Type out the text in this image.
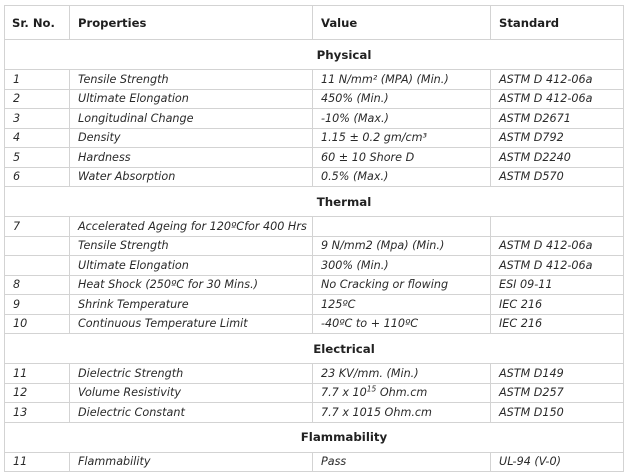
Sr. No.	Properties	Value	Standard
Physical			
1	Tensile Strength	11 N/mm² (MPA) (Min.)	ASTM D 412-06a
2	Ultimate Elongation	450% (Min.)	ASTM D 412-06a
3	Longitudinal Change	-10% (Max.)	ASTM D2671
4	Density	1.15 ± 0.2 gm/cm³	ASTM D792
5	Hardness	60 ± 10 Shore D	ASTM D2240
6	Water Absorption	0.5% (Max.)	ASTM D570
Thermal			
7	Accelerated Ageing for 120ºCfor 400 Hrs		
	Tensile Strength	9 N/mm2 (Mpa) (Min.)	ASTM D 412-06a
	Ultimate Elongation	300% (Min.)	ASTM D 412-06a
8	Heat Shock (250ºC for 30 Mins.)	No Cracking or flowing	ESI 09-11
9	Shrink Temperature	125ºC	IEC 216
10	Continuous Temperature Limit	-40ºC to + 110ºC	IEC 216
Electrical			
11	Dielectric Strength	23 KV/mm. (Min.)	ASTM D149
12	Volume Resistivity	7.7 x $10^{15}$ Ohm.cm	ASTM D257
13	Dielectric Constant	7.7 x 1015 Ohm.cm	ASTM D150
Flammability			
11	Flammability	Pass	UL-94 (V-0)
